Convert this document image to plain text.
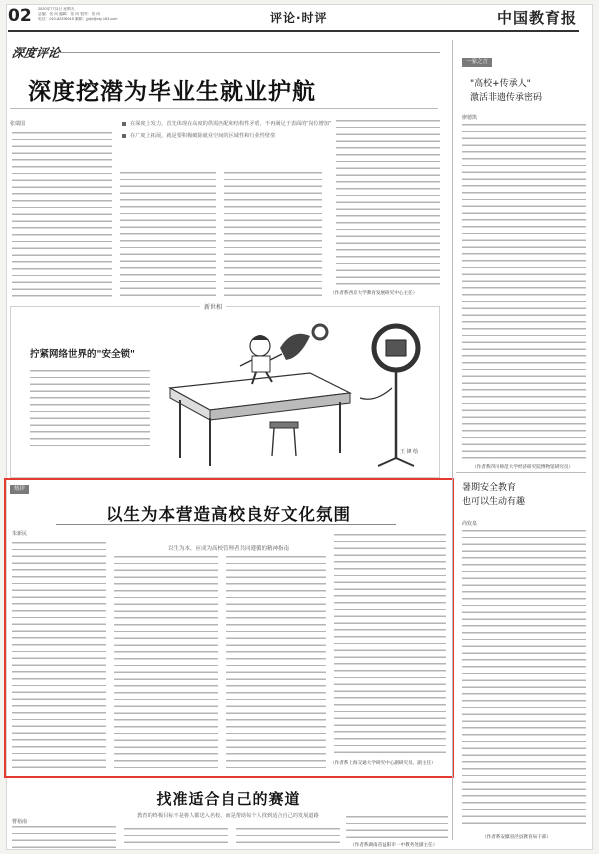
02 2020年7月3日 星期五
总编：张 向 编辑：张 向 校对：张 向
电话：010-82296915 邮箱：jyfpl@vip.163.com	评论·时评	中国教育报
深度评论
深度挖潜为毕业生就业护航
张瑞国	在深度上发力，首先体现在高度的供需匹配和结构性矛盾，不再满足于表面的"岗位增加"
在广度上拓展，就是要积极破除就业空间的区域性和行业性壁垒
（作者系西京大学教育发展研究中心主任）
新世相
拧紧网络世界的"安全锁"
王 锋 绘
热评
以生为本营造高校良好文化氛围
以生为本，应成为高校管理者共同遵循的精神指南
朱新民
（作者系上海交通大学研究中心副研究员、副主任）
找准适合自己的赛道
教育的终极目标不是将人都送入名校，而是帮助每个人找到适合自己的发展道路
曹裕南
（作者系湖南省益阳市一中教务处副主任）
一家之言
"高校+传承人"
激活非遗传承密码
廖德凯
（作者系四川师范大学经济研究院博物馆研究员）
暑期安全教育
也可以生动有趣
尚钦泉
（作者系安徽省泾县教育局干部）
